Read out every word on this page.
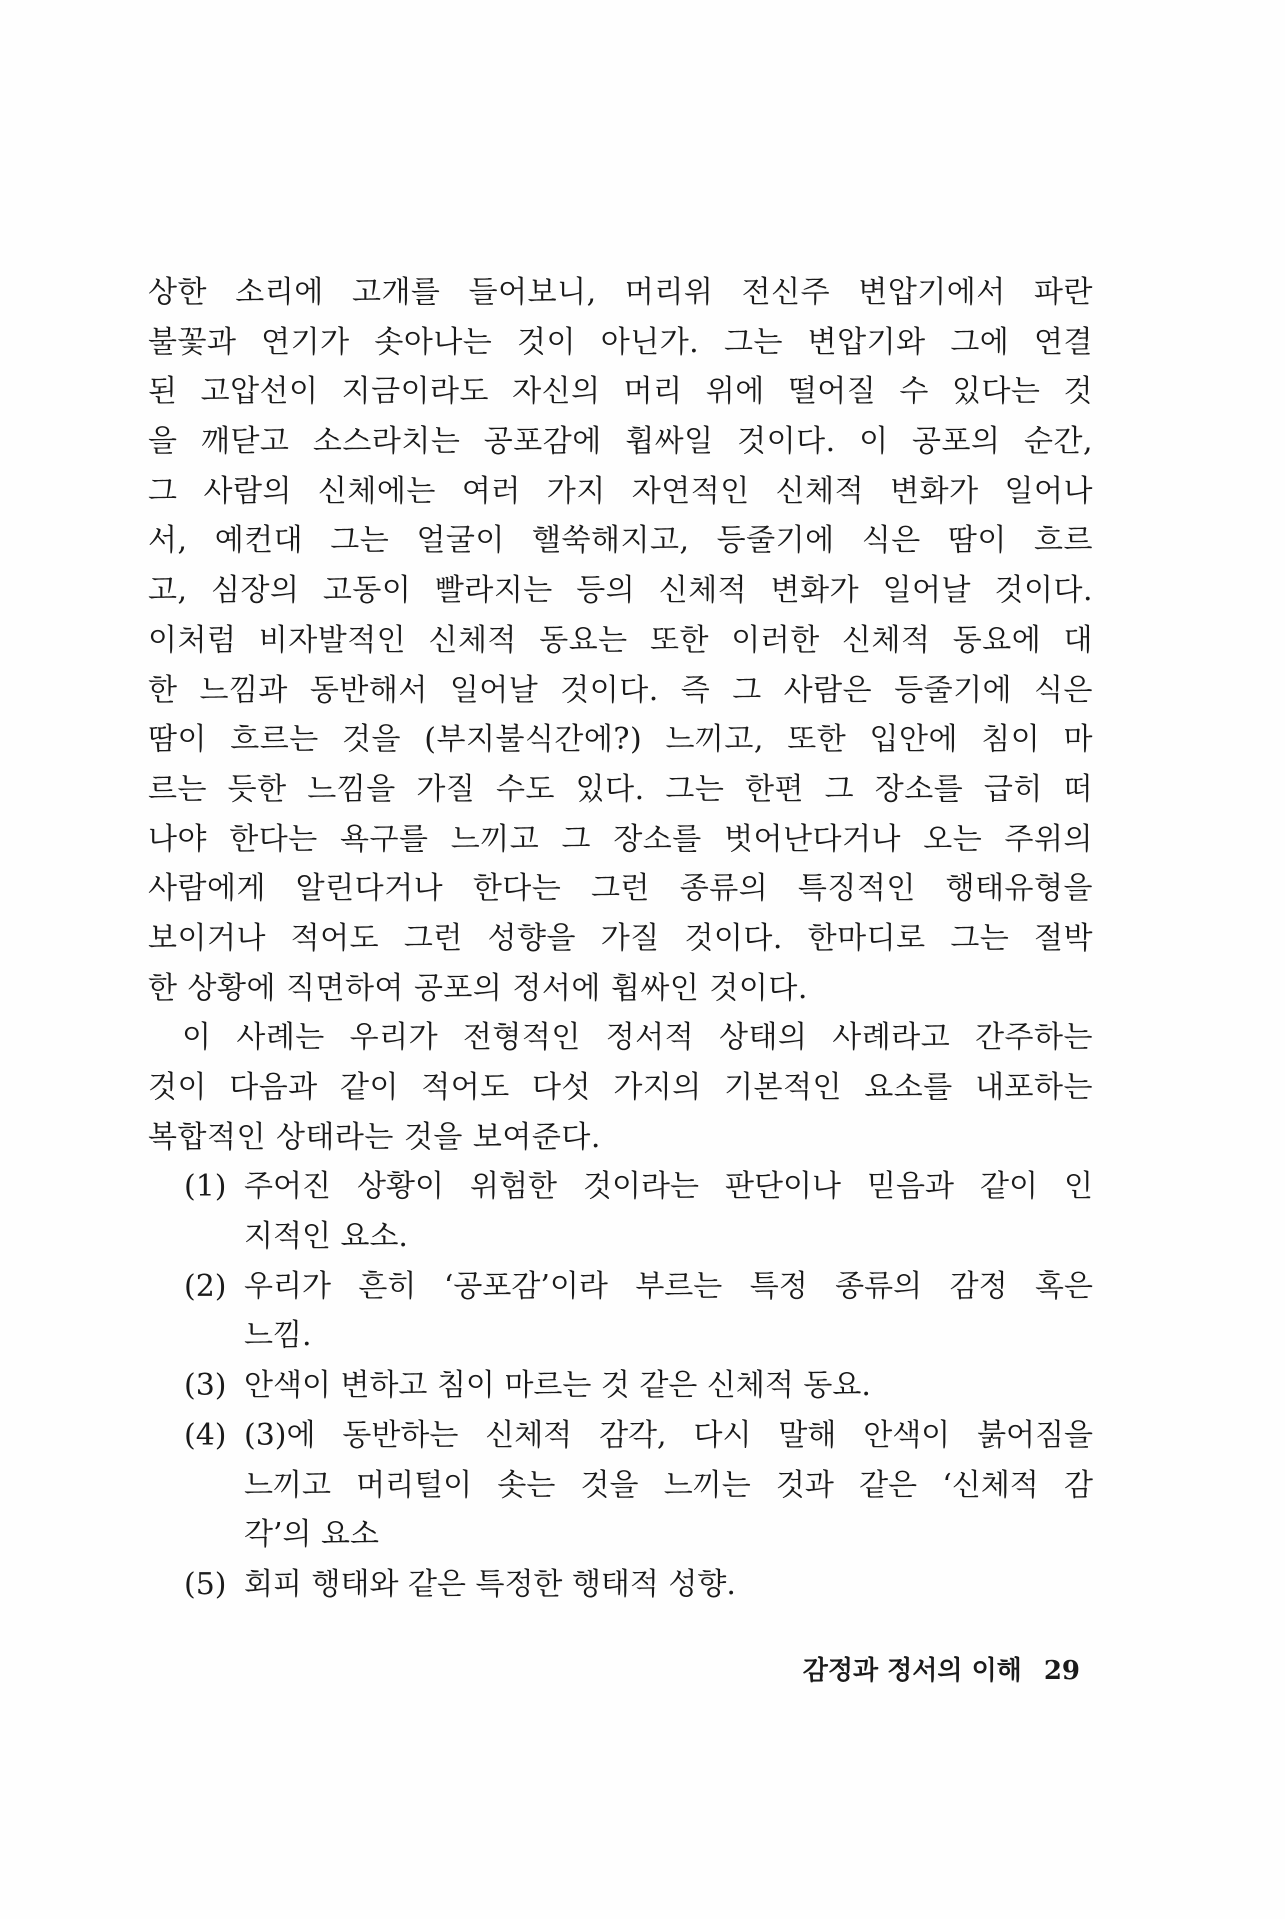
상한 소리에 고개를 들어보니, 머리위 전신주 변압기에서 파란
불꽃과 연기가 솟아나는 것이 아닌가. 그는 변압기와 그에 연결
된 고압선이 지금이라도 자신의 머리 위에 떨어질 수 있다는 것
을 깨닫고 소스라치는 공포감에 휩싸일 것이다. 이 공포의 순간,
그 사람의 신체에는 여러 가지 자연적인 신체적 변화가 일어나
서, 예컨대 그는 얼굴이 핼쑥해지고, 등줄기에 식은 땀이 흐르
고, 심장의 고동이 빨라지는 등의 신체적 변화가 일어날 것이다.
이처럼 비자발적인 신체적 동요는 또한 이러한 신체적 동요에 대
한 느낌과 동반해서 일어날 것이다. 즉 그 사람은 등줄기에 식은
땀이 흐르는 것을 (부지불식간에?) 느끼고, 또한 입안에 침이 마
르는 듯한 느낌을 가질 수도 있다. 그는 한편 그 장소를 급히 떠
나야 한다는 욕구를 느끼고 그 장소를 벗어난다거나 오는 주위의
사람에게 알린다거나 한다는 그런 종류의 특징적인 행태유형을
보이거나 적어도 그런 성향을 가질 것이다. 한마디로 그는 절박
한 상황에 직면하여 공포의 정서에 휩싸인 것이다.
이 사례는 우리가 전형적인 정서적 상태의 사례라고 간주하는
것이 다음과 같이 적어도 다섯 가지의 기본적인 요소를 내포하는
복합적인 상태라는 것을 보여준다.
(1) 주어진 상황이 위험한 것이라는 판단이나 믿음과 같이 인
지적인 요소.
(2) 우리가 흔히 ‘공포감’이라 부르는 특정 종류의 감정 혹은
느낌.
(3) 안색이 변하고 침이 마르는 것 같은 신체적 동요.
(4) (3)에 동반하는 신체적 감각, 다시 말해 안색이 붉어짐을
느끼고 머리털이 솟는 것을 느끼는 것과 같은 ‘신체적 감
각’의 요소
(5) 회피 행태와 같은 특정한 행태적 성향.
감정과 정서의 이해 29
